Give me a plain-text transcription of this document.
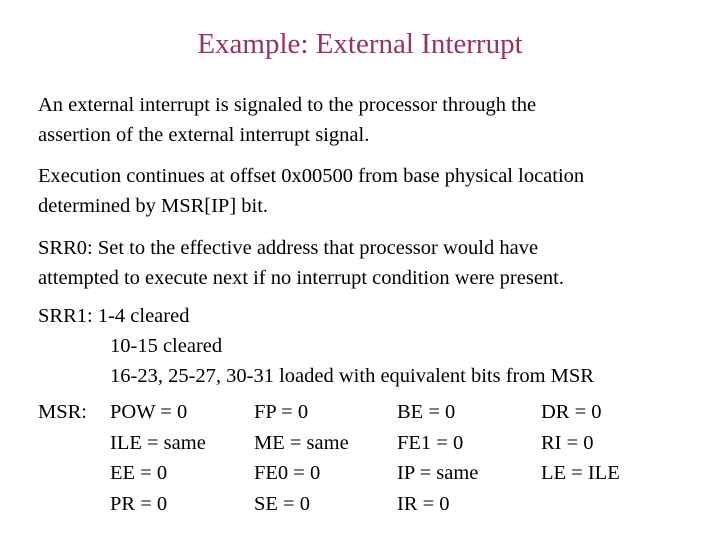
Example: External Interrupt
An external interrupt is signaled to the processor through the
assertion of the external interrupt signal.
Execution continues at offset 0x00500 from base physical location
determined by MSR[IP] bit.
SRR0: Set to the effective address that processor would have
attempted to execute next if no interrupt condition were present.
SRR1: 1-4 cleared
10-15 cleared
16-23, 25-27, 30-31 loaded with equivalent bits from MSR
MSR: POW = 0
ILE = same
EE = 0
PR = 0
FP = 0
ME = same
FE0 = 0
SE = 0
BE = 0
FE1 = 0
IP = same
IR = 0
DR = 0
RI = 0
LE = ILE
